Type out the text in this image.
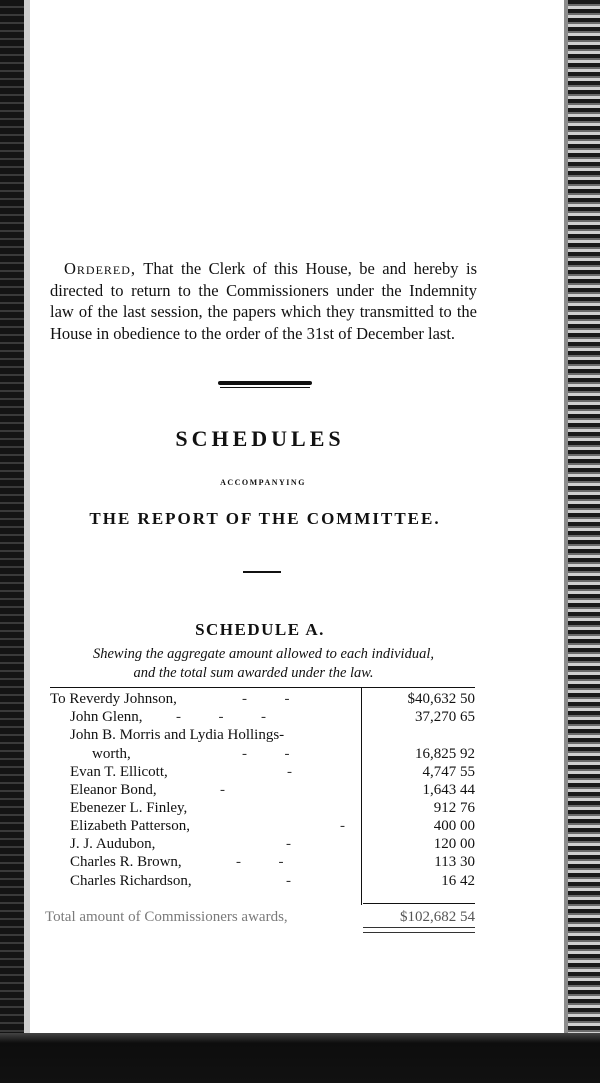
Ordered, That the Clerk of this House, be and hereby is directed to return to the Commissioners under the Indemnity law of the last session, the papers which they transmitted to the House in obedience to the order of the 31st of December last.
SCHEDULES
ACCOMPANYING
THE REPORT OF THE COMMITTEE.
SCHEDULE A.
Shewing the aggregate amount allowed to each individual,
and the total sum awarded under the law.
To Reverdy Johnson,	-          -	$40,632 50
John Glenn, -          -          -	37,270 65
John B. Morris and Lydia Hollings-
worth,	-          -	16,825 92
Evan T. Ellicott,	-	4,747 55
Eleanor Bond,	-	1,643 44
Ebenezer L. Finley,	912 76
Elizabeth Patterson,	-	400 00
J. J. Audubon,	-	120 00
Charles R. Brown,	-          -	113 30
Charles Richardson,	-	16 42
Total amount of Commissioners awards,	$102,682 54
